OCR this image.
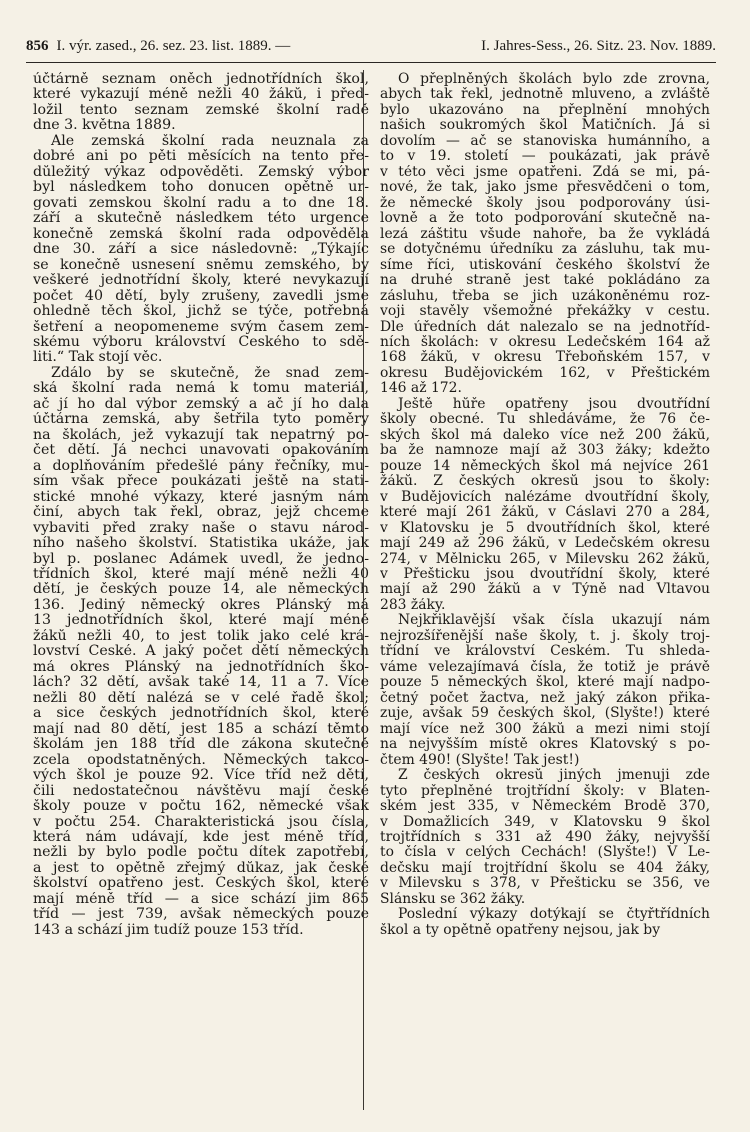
856 I. výr. zased., 26. sez. 23. list. 1889. —	I. Jahres-Sess., 26. Sitz. 23. Nov. 1889.
účtárně seznam oněch jednotřídních škol,
které vykazují méně nežli 40 žáků, i před-
ložil tento seznam zemské školní radě
dne 3. května 1889.
Ale zemská školní rada neuznala za
dobré ani po pěti měsících na tento pře-
důležitý výkaz odpověděti. Zemský výbor
byl následkem toho donucen opětně ur-
govati zemskou školní radu a to dne 18.
září a skutečně následkem této urgence
konečně zemská školní rada odpověděla
dne 30. září a sice následovně: „Týkajíc
se konečně usnesení sněmu zemského, by
veškeré jednotřídní školy, které nevykazují
počet 40 dětí, byly zrušeny, zavedli jsme
ohledně těch škol, jichž se týče, potřebná
šetření a neopomeneme svým časem zem-
skému výboru království Českého to sdě-
liti.“ Tak stojí věc.
Zdálo by se skutečně, že snad zem-
ská školní rada nemá k tomu materiál,
ač jí ho dal výbor zemský a ač jí ho dala
účtárna zemská, aby šetřila tyto poměry
na školách, jež vykazují tak nepatrný po-
čet dětí. Já nechci unavovati opakováním
a doplňováním předešlé pány řečníky, mu-
sím však přece poukázati ještě na stati-
stické mnohé výkazy, které jasným nám
činí, abych tak řekl, obraz, jejž chceme
vybaviti před zraky naše o stavu národ-
ního našeho školství. Statistika ukáže, jak
byl p. poslanec Adámek uvedl, že jedno-
třídních škol, které mají méně nežli 40
dětí, je českých pouze 14, ale německých
136. Jediný německý okres Plánský má
13 jednotřídních škol, které mají méně
žáků nežli 40, to jest tolik jako celé krá-
lovství České. A jaký počet dětí německých
má okres Plánský na jednotřídních ško-
lách? 32 dětí, avšak také 14, 11 a 7. Více
nežli 80 dětí nalézá se v celé řadě škol;
a sice českých jednotřídních škol, které
mají nad 80 dětí, jest 185 a schází těmto
školám jen 188 tříd dle zákona skutečně
zcela opodstatněných. Německých takco-
vých škol je pouze 92. Více tříd než dětí,
čili nedostatečnou návštěvu mají české
školy pouze v počtu 162, německé však
v počtu 254. Charakteristická jsou čísla,
která nám udávají, kde jest méně tříd,
nežli by bylo podle počtu dítek zapotřebí,
a jest to opětně zřejmý důkaz, jak české
školství opatřeno jest. Českých škol, které
mají méně tříd — a sice schází jim 865
tříd — jest 739, avšak německých pouze
143 a schází jim tudíž pouze 153 tříd.
O přeplněných školách bylo zde zrovna,
abych tak řekl, jednotně mluveno, a zvláště
bylo ukazováno na přeplnění mnohých
našich soukromých škol Matičních. Já si
dovolím — ač se stanoviska humánního, a
to v 19. století — poukázati, jak právě
v této věci jsme opatřeni. Zdá se mi, pá-
nové, že tak, jako jsme přesvědčeni o tom,
že německé školy jsou podporovány úsi-
lovně a že toto podporování skutečně na-
lezá záštitu všude nahoře, ba že vykládá
se dotyčnému úředníku za zásluhu, tak mu-
síme říci, utiskování českého školství že
na druhé straně jest také pokládáno za
zásluhu, třeba se jich uzákoněnému roz-
voji stavěly všemožné překážky v cestu.
Dle úředních dát nalezalo se na jednotříd-
ních školách: v okresu Ledečském 164 až
168 žáků, v okresu Třeboňském 157, v
okresu Budějovickém 162, v Přeštickém
146 až 172.
Ještě hůře opatřeny jsou dvoutřídní
školy obecné. Tu shledáváme, že 76 če-
ských škol má daleko více než 200 žáků,
ba že namnoze mají až 303 žáky; kdežto
pouze 14 německých škol má nejvíce 261
žáků. Z českých okresů jsou to školy:
v Budějovicích nalézáme dvoutřídní školy,
které mají 261 žáků, v Čáslavi 270 a 284,
v Klatovsku je 5 dvoutřídních škol, které
mají 249 až 296 žáků, v Ledečském okresu
274, v Mělnicku 265, v Milevsku 262 žáků,
v Přešticku jsou dvoutřídní školy, které
mají až 290 žáků a v Týně nad Vltavou
283 žáky.
Nejkřiklavější však čísla ukazují nám
nejrozšířenější naše školy, t. j. školy troj-
třídní ve království Českém. Tu shleda-
váme velezajímavá čísla, že totiž je právě
pouze 5 německých škol, které mají nadpo-
četný počet žactva, než jaký zákon přika-
zuje, avšak 59 českých škol, (Slyšte!) které
mají více než 300 žáků a mezi nimi stojí
na nejvyšším místě okres Klatovský s po-
čtem 490! (Slyšte! Tak jest!)
Z českých okresů jiných jmenuji zde
tyto přeplněné trojtřídní školy: v Blaten-
ském jest 335, v Německém Brodě 370,
v Domažlicích 349, v Klatovsku 9 škol
trojtřídních s 331 až 490 žáky, nejvyšší
to čísla v celých Čechách! (Slyšte!) V Le-
dečsku mají trojtřídní školu se 404 žáky,
v Milevsku s 378, v Přešticku se 356, ve
Slánsku se 362 žáky.
Poslední výkazy dotýkají se čtyřtřídních
škol a ty opětně opatřeny nejsou, jak by
